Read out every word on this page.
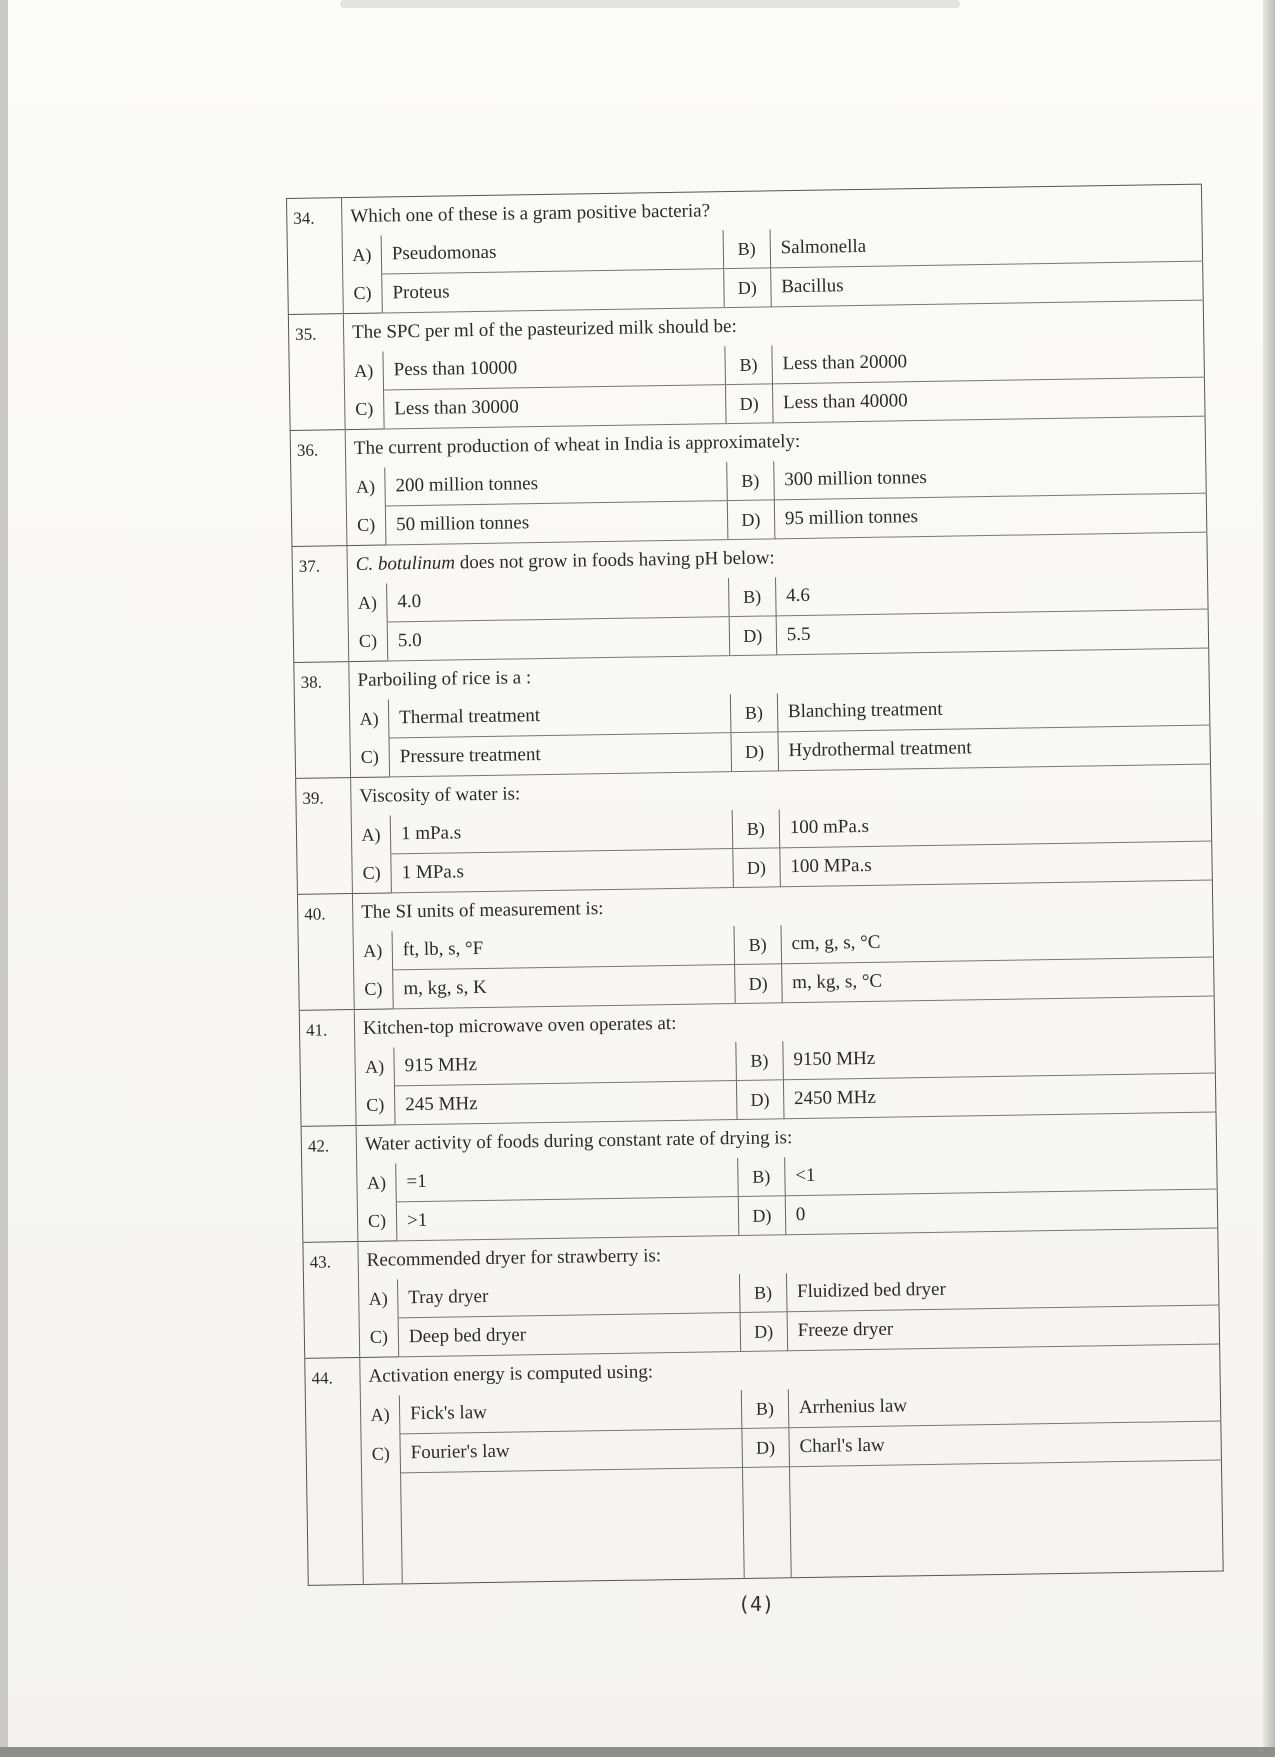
34.	Which one of these is a gram positive bacteria?			
	A)	Pseudomonas	B)	Salmonella
	C)	Proteus	D)	Bacillus
35.	The SPC per ml of the pasteurized milk should be:			
	A)	Pess than 10000	B)	Less than 20000
	C)	Less than 30000	D)	Less than 40000
36.	The current production of wheat in India is approximately:			
	A)	200 million tonnes	B)	300 million tonnes
	C)	50 million tonnes	D)	95 million tonnes
37.	C. botulinum does not grow in foods having pH below:			
	A)	4.0	B)	4.6
	C)	5.0	D)	5.5
38.	Parboiling of rice is a :			
	A)	Thermal treatment	B)	Blanching treatment
	C)	Pressure treatment	D)	Hydrothermal treatment
39.	Viscosity of water is:			
	A)	1 mPa.s	B)	100 mPa.s
	C)	1 MPa.s	D)	100 MPa.s
40.	The SI units of measurement is:			
	A)	ft, lb, s, °F	B)	cm, g, s, °C
	C)	m, kg, s, K	D)	m, kg, s, °C
41.	Kitchen-top microwave oven operates at:			
	A)	915 MHz	B)	9150 MHz
	C)	245 MHz	D)	2450 MHz
42.	Water activity of foods during constant rate of drying is:			
	A)	=1	B)	<1
	C)	>1	D)	0
43.	Recommended dryer for strawberry is:			
	A)	Tray dryer	B)	Fluidized bed dryer
	C)	Deep bed dryer	D)	Freeze dryer
44.	Activation energy is computed using:			
	A)	Fick's law	B)	Arrhenius law
	C)	Fourier's law	D)	Charl's law

(4)
